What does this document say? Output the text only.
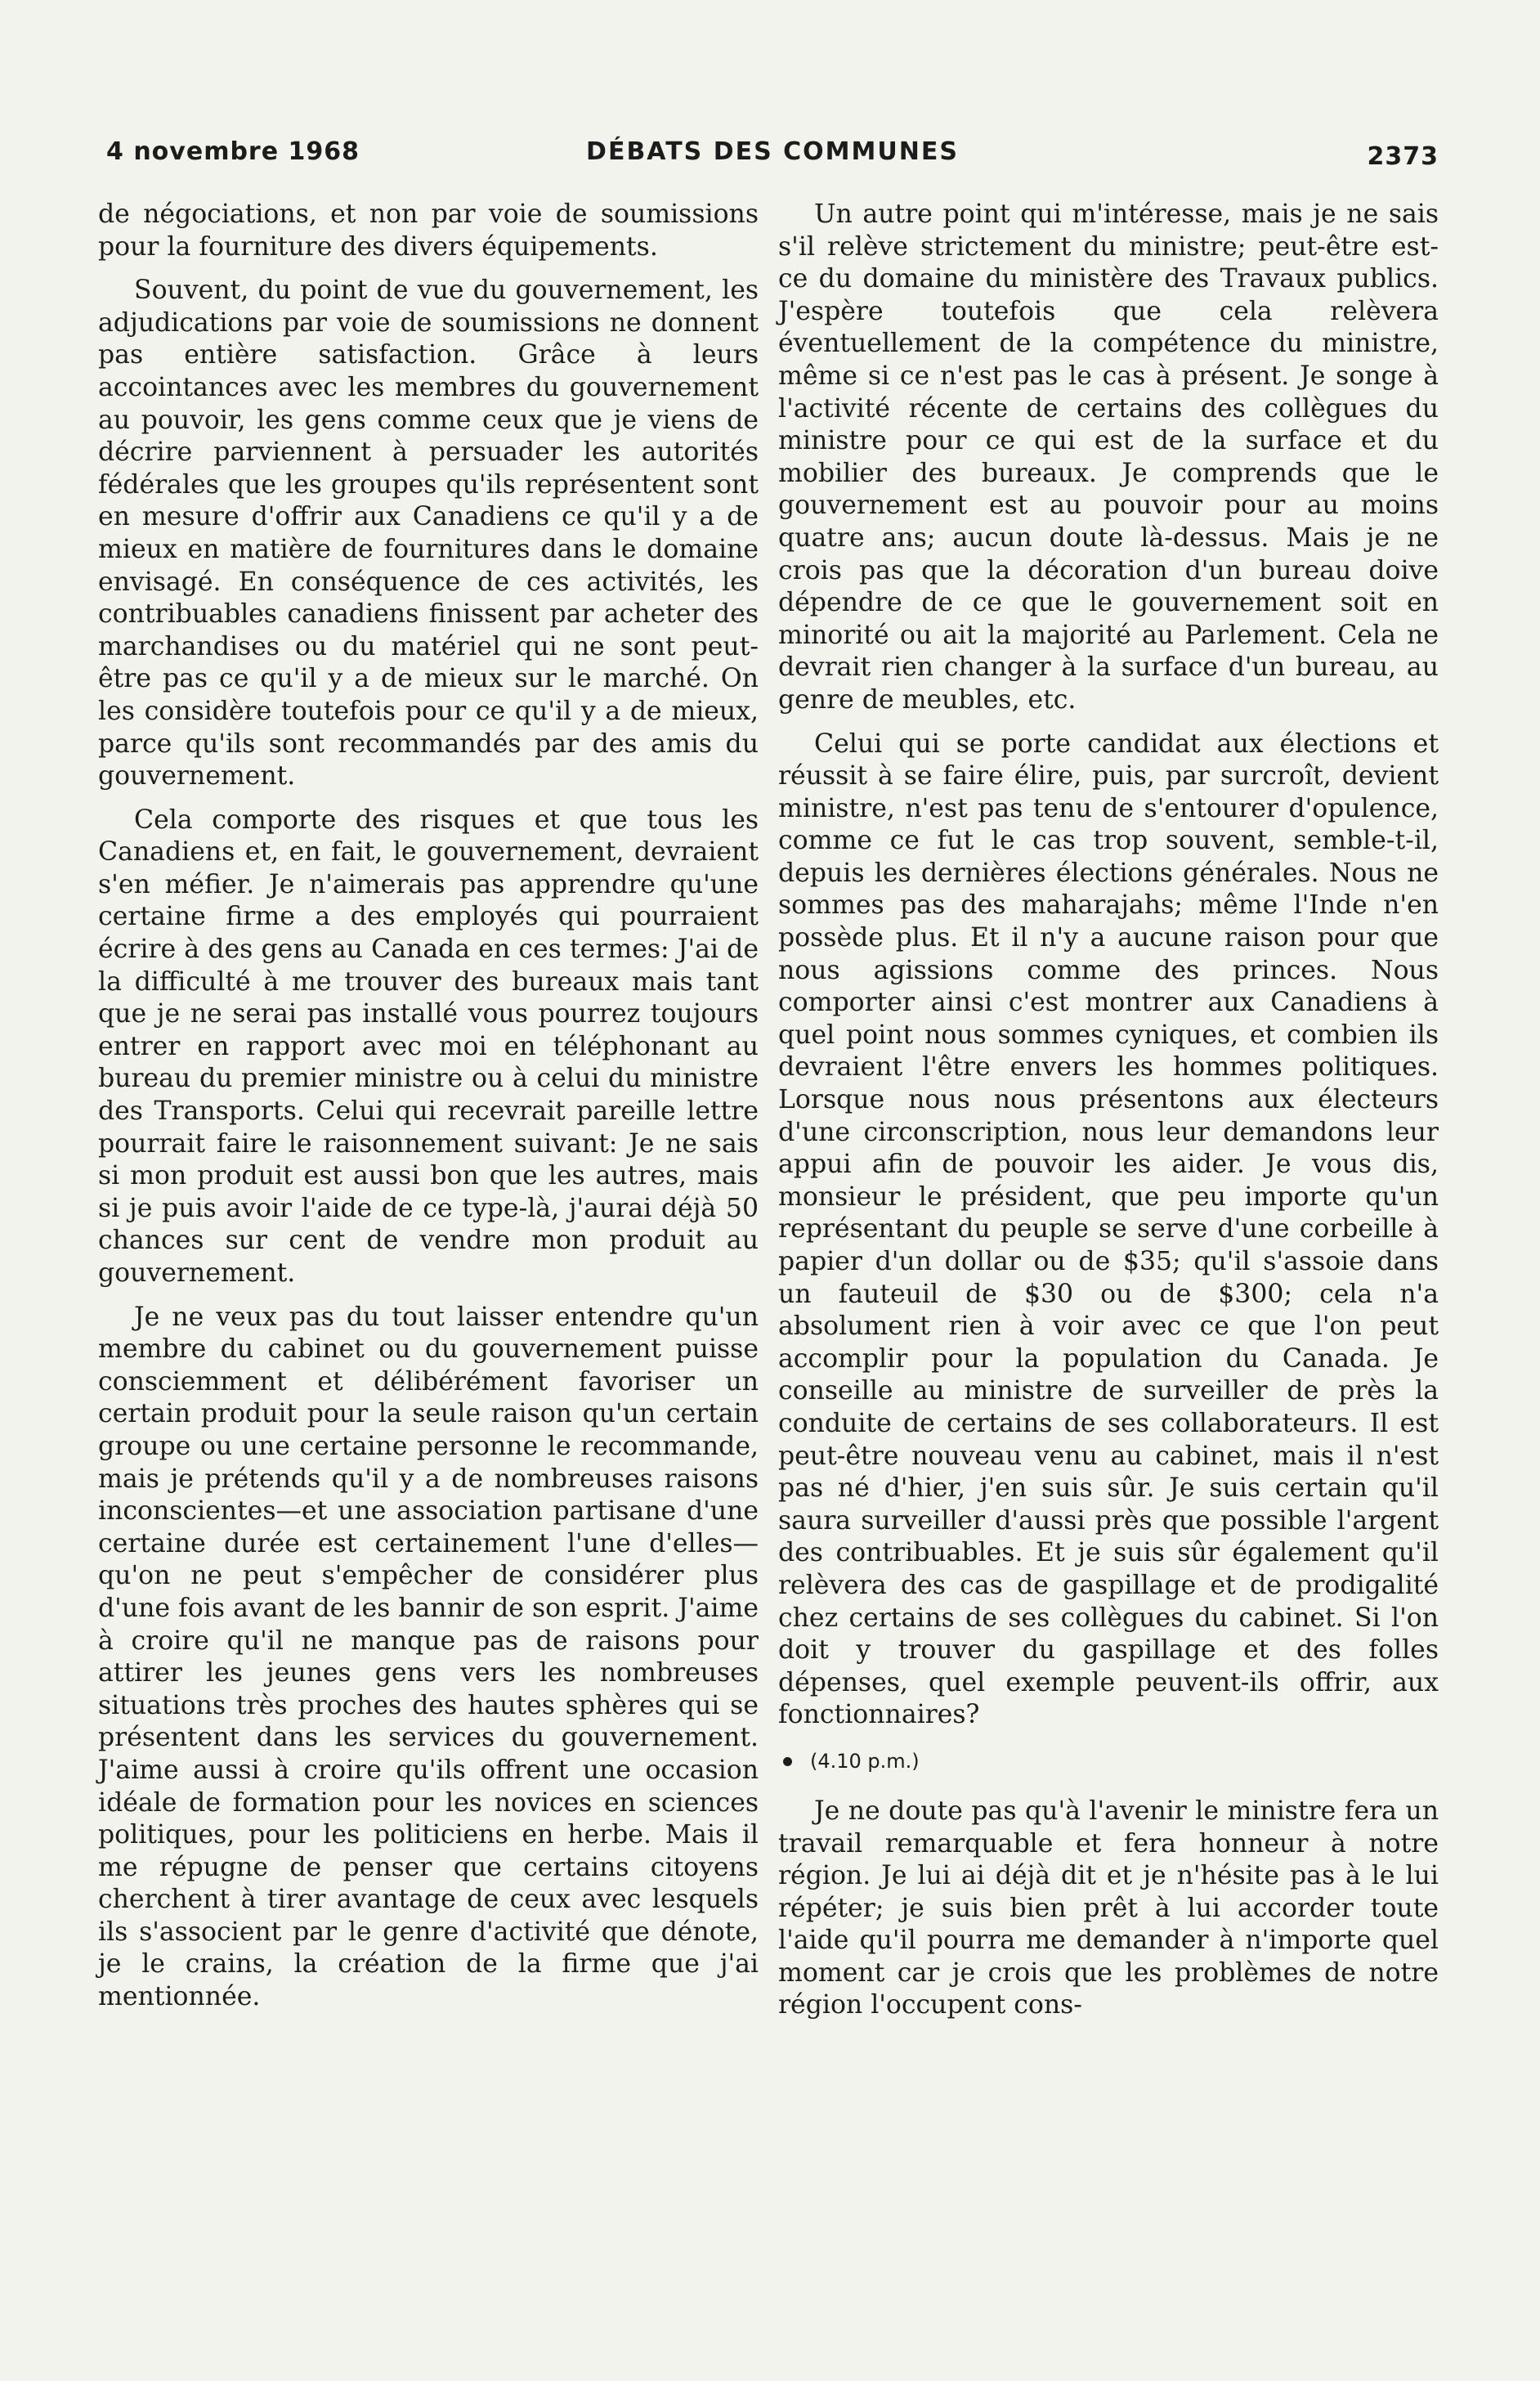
4 novembre 1968	DÉBATS DES COMMUNES	2373

de négociations, et non par voie de soumissions pour la fourniture des divers équipements.

Souvent, du point de vue du gouvernement, les adjudications par voie de soumissions ne donnent pas entière satisfaction. Grâce à leurs accointances avec les membres du gouvernement au pouvoir, les gens comme ceux que je viens de décrire parviennent à persuader les autorités fédérales que les groupes qu'ils représentent sont en mesure d'offrir aux Canadiens ce qu'il y a de mieux en matière de fournitures dans le domaine envisagé. En conséquence de ces activités, les contribuables canadiens finissent par acheter des marchandises ou du matériel qui ne sont peut-être pas ce qu'il y a de mieux sur le marché. On les considère toutefois pour ce qu'il y a de mieux, parce qu'ils sont recommandés par des amis du gouvernement.

Cela comporte des risques et que tous les Canadiens et, en fait, le gouvernement, devraient s'en méfier. Je n'aimerais pas apprendre qu'une certaine firme a des employés qui pourraient écrire à des gens au Canada en ces termes: J'ai de la difficulté à me trouver des bureaux mais tant que je ne serai pas installé vous pourrez toujours entrer en rapport avec moi en téléphonant au bureau du premier ministre ou à celui du ministre des Transports. Celui qui recevrait pareille lettre pourrait faire le raisonnement suivant: Je ne sais si mon produit est aussi bon que les autres, mais si je puis avoir l'aide de ce type-là, j'aurai déjà 50 chances sur cent de vendre mon produit au gouvernement.

Je ne veux pas du tout laisser entendre qu'un membre du cabinet ou du gouvernement puisse consciemment et délibérément favoriser un certain produit pour la seule raison qu'un certain groupe ou une certaine personne le recommande, mais je prétends qu'il y a de nombreuses raisons inconscientes—et une association partisane d'une certaine durée est certainement l'une d'elles—qu'on ne peut s'empêcher de considérer plus d'une fois avant de les bannir de son esprit. J'aime à croire qu'il ne manque pas de raisons pour attirer les jeunes gens vers les nombreuses situations très proches des hautes sphères qui se présentent dans les services du gouvernement. J'aime aussi à croire qu'ils offrent une occasion idéale de formation pour les novices en sciences politiques, pour les politiciens en herbe. Mais il me répugne de penser que certains citoyens cherchent à tirer avantage de ceux avec lesquels ils s'associent par le genre d'activité que dénote, je le crains, la création de la firme que j'ai mentionnée.

Un autre point qui m'intéresse, mais je ne sais s'il relève strictement du ministre; peut-être est-ce du domaine du ministère des Travaux publics. J'espère toutefois que cela relèvera éventuellement de la compétence du ministre, même si ce n'est pas le cas à présent. Je songe à l'activité récente de certains des collègues du ministre pour ce qui est de la surface et du mobilier des bureaux. Je comprends que le gouvernement est au pouvoir pour au moins quatre ans; aucun doute là-dessus. Mais je ne crois pas que la décoration d'un bureau doive dépendre de ce que le gouvernement soit en minorité ou ait la majorité au Parlement. Cela ne devrait rien changer à la surface d'un bureau, au genre de meubles, etc.

Celui qui se porte candidat aux élections et réussit à se faire élire, puis, par surcroît, devient ministre, n'est pas tenu de s'entourer d'opulence, comme ce fut le cas trop souvent, semble-t-il, depuis les dernières élections générales. Nous ne sommes pas des maharajahs; même l'Inde n'en possède plus. Et il n'y a aucune raison pour que nous agissions comme des princes. Nous comporter ainsi c'est montrer aux Canadiens à quel point nous sommes cyniques, et combien ils devraient l'être envers les hommes politiques. Lorsque nous nous présentons aux électeurs d'une circonscription, nous leur demandons leur appui afin de pouvoir les aider. Je vous dis, monsieur le président, que peu importe qu'un représentant du peuple se serve d'une corbeille à papier d'un dollar ou de $35; qu'il s'assoie dans un fauteuil de $30 ou de $300; cela n'a absolument rien à voir avec ce que l'on peut accomplir pour la population du Canada. Je conseille au ministre de surveiller de près la conduite de certains de ses collaborateurs. Il est peut-être nouveau venu au cabinet, mais il n'est pas né d'hier, j'en suis sûr. Je suis certain qu'il saura surveiller d'aussi près que possible l'argent des contribuables. Et je suis sûr également qu'il relèvera des cas de gaspillage et de prodigalité chez certains de ses collègues du cabinet. Si l'on doit y trouver du gaspillage et des folles dépenses, quel exemple peuvent-ils offrir, aux fonctionnaires?

(4.10 p.m.)

Je ne doute pas qu'à l'avenir le ministre fera un travail remarquable et fera honneur à notre région. Je lui ai déjà dit et je n'hésite pas à le lui répéter; je suis bien prêt à lui accorder toute l'aide qu'il pourra me demander à n'importe quel moment car je crois que les problèmes de notre région l'occupent cons-
